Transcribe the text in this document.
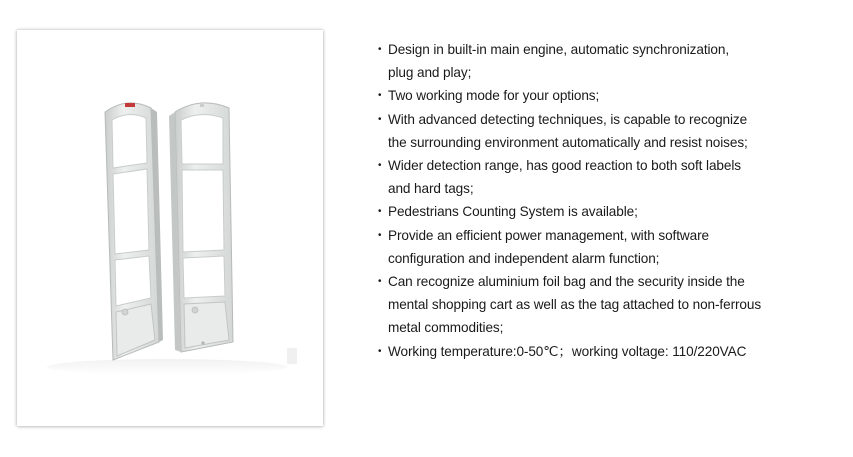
• Design in built-in main engine, automatic synchronization,
plug and play;
• Two working mode for your options;
• With advanced detecting techniques, is capable to recognize
the surrounding environment automatically and resist noises;
• Wider detection range, has good reaction to both soft labels
and hard tags;
• Pedestrians Counting System is available;
• Provide an efficient power management, with software
configuration and independent alarm function;
• Can recognize aluminium foil bag and the security inside the
mental shopping cart as well as the tag attached to non-ferrous
metal commodities;
• Working temperature:0-50℃；working voltage: 110/220VAC
